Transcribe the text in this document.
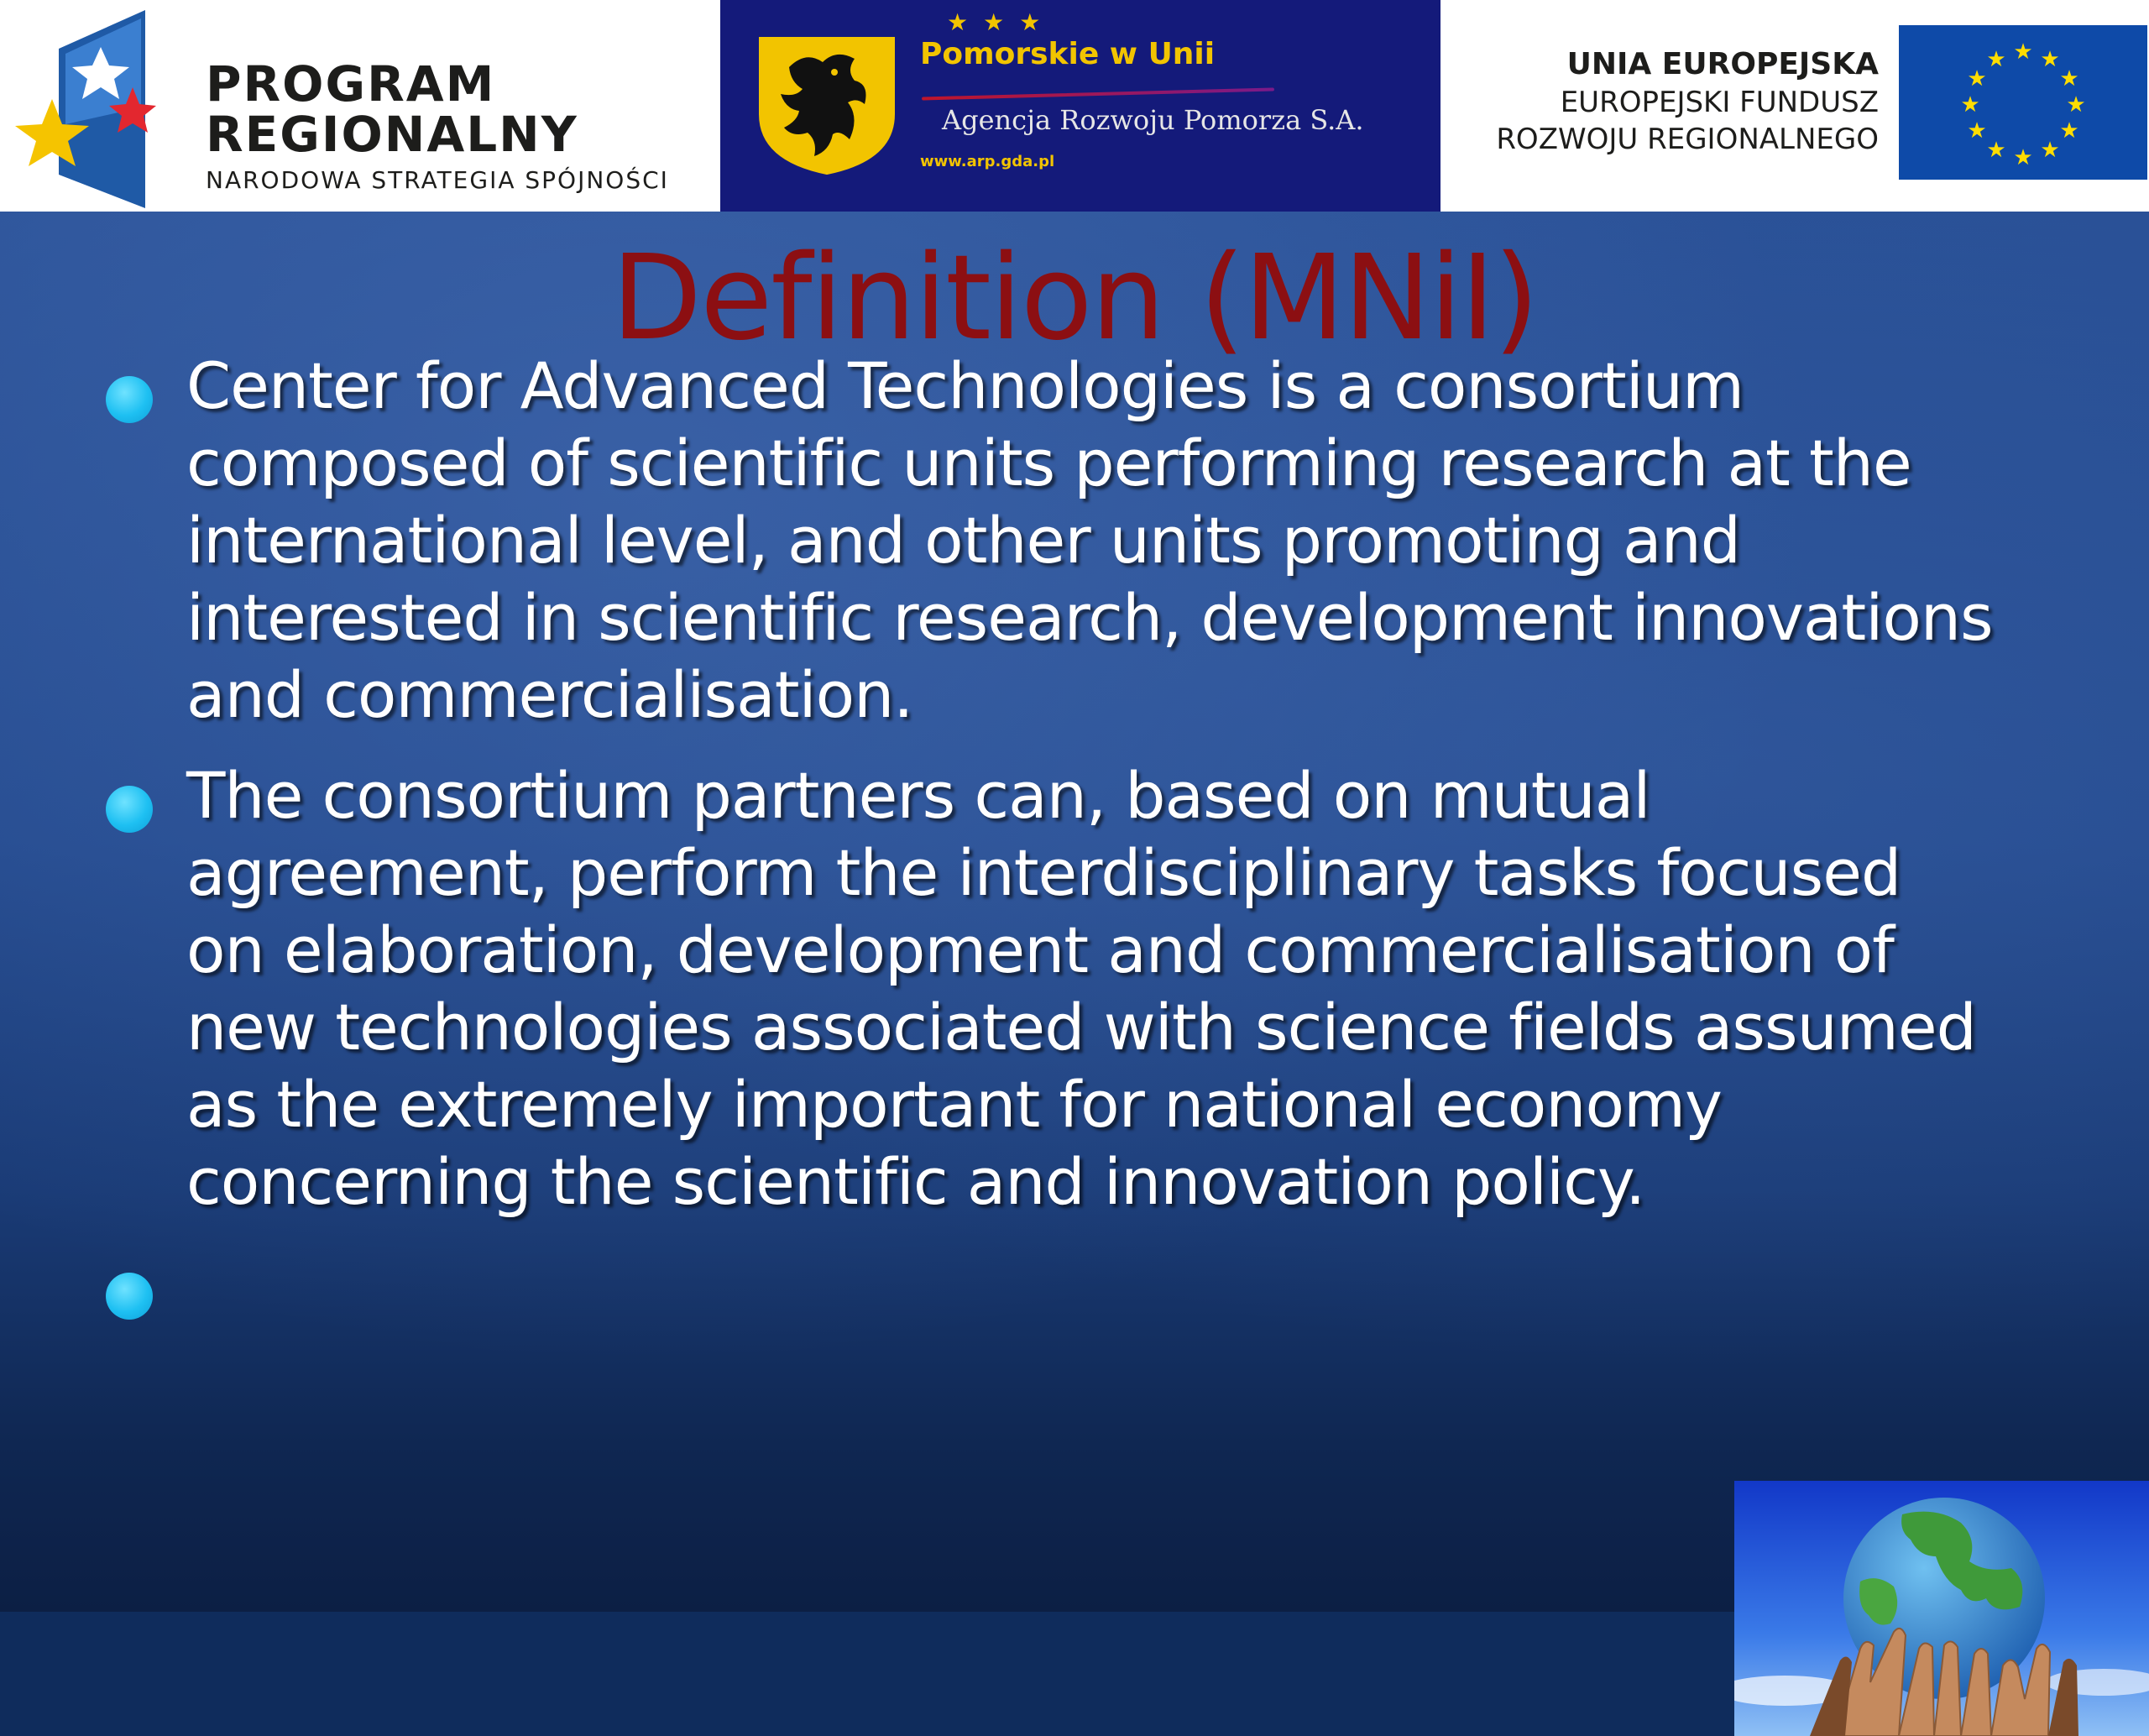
PROGRAM
REGIONALNY
NARODOWA STRATEGIA SPÓJNOŚCI
★★★
Pomorskie w Unii
Agencja Rozwoju Pomorza S.A.
www.arp.gda.pl
UNIA EUROPEJSKA
EUROPEJSKI FUNDUSZ
ROZWOJU REGIONALNEGO
★ ★
★
★
★
★
★
★
★
★
★
★
Definition (MNiI)
Center for Advanced Technologies is a consortium composed of scientific units performing research at the international level, and other units promoting and interested in scientific research, development innovations and commercialisation.
The consortium partners can, based on mutual agreement, perform the interdisciplinary tasks focused on elaboration, development and commercialisation of new technologies associated with science fields assumed as the extremely important for national economy concerning the scientific and innovation policy.
